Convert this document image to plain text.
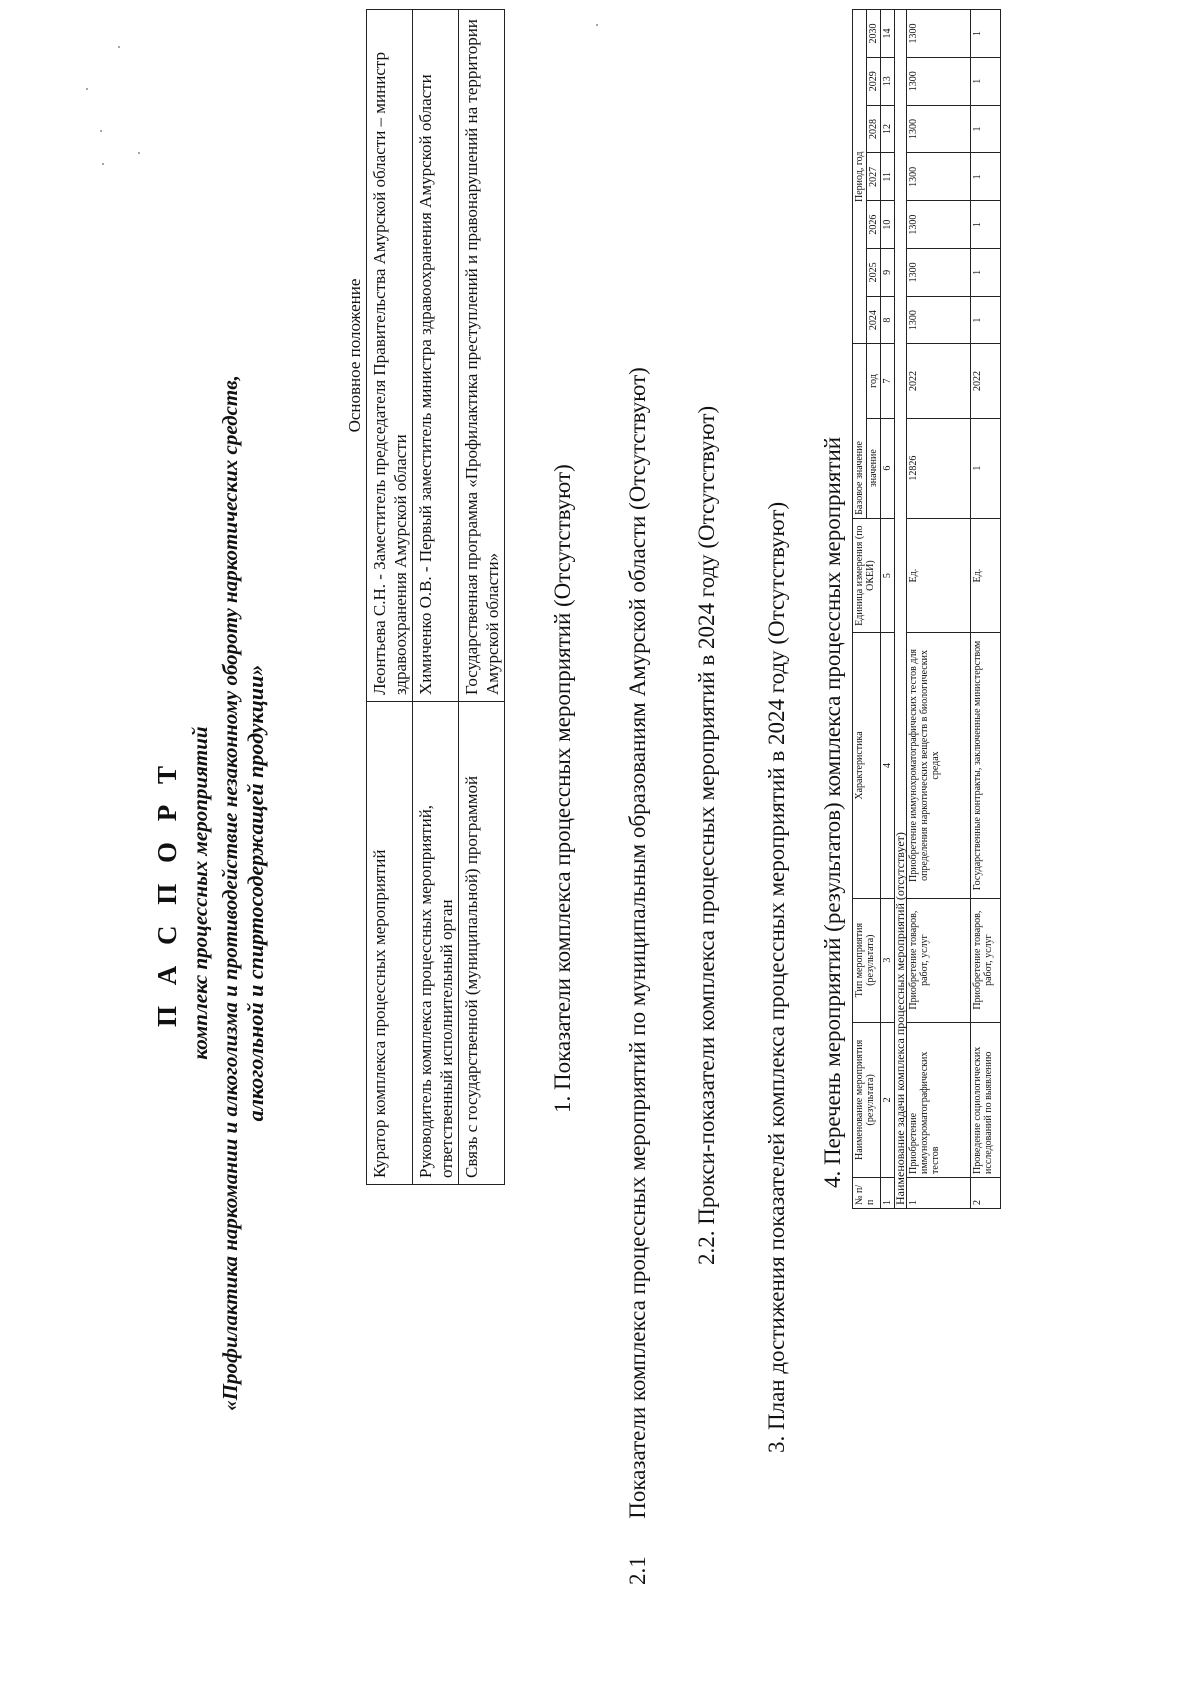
П А С П О Р Т комплекс процессных мероприятий «Профилактика наркомании и алкоголизма и противодействие незаконному обороту наркотических средств, алкогольной и спиртосодержащей продукции»
	Основное положение
Куратор комплекса процессных мероприятий	Леонтьева С.Н. - Заместитель председателя Правительства Амурской области – министр здравоохранения Амурской области
Руководитель комплекса процессных мероприятий, ответственный исполнительный орган	Химиченко О.В. - Первый заместитель министра здравоохранения Амурской области
Связь с государственной (муниципальной) программой	Государственная программа «Профилактика преступлений и правонарушений на территории Амурской области» 1. Показатели комплекса процессных мероприятий (Отсутствуют)
2.1  Показатели комплекса процессных мероприятий по муниципальным образованиям Амурской области (Отсутствуют) 2.2. Прокси-показатели комплекса процессных мероприятий в 2024 году (Отсутствуют) 3. План достижения показателей комплекса процессных мероприятий в 2024 году (Отсутствуют) 4. Перечень мероприятий (результатов) комплекса процессных мероприятий
№ п/п	Наименование мероприятия (результата)	Тип мероприятия (результата)	Характеристика	Единица измерения (по ОКЕИ)	Базовое значение		Период, год						
					значение	год	2024	2025	2026	2027	2028	2029	2030
1	2	3	4	5	6	7	8	9	10	11	12	13	14
Наименование задачи комплекса процессных мероприятий (отсутствует)													
1	Приобретение иммунохроматографических тестов	Приобретение товаров, работ, услуг	Приобретение иммунохроматографических тестов для определения наркотических веществ в биологических средах	Ед.	12826	2022	1300	1300	1300	1300	1300	1300	1300
2	Проведение социологических исследований по выявлению	Приобретение товаров, работ, услуг	Государственные контракты, заключенные министерством	Ед.	1	2022	1	1	1	1	1	1	1
